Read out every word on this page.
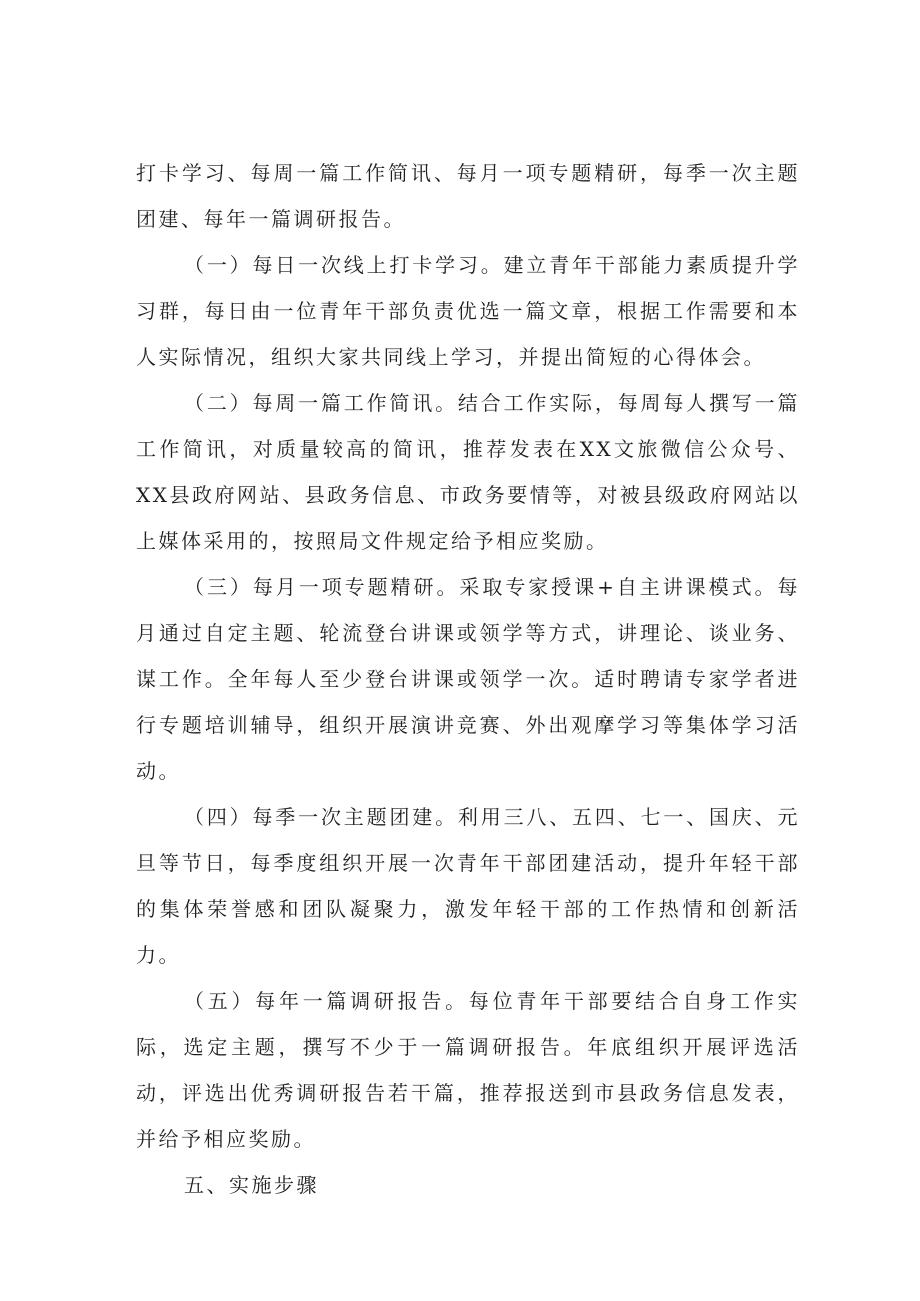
打卡学习、每周一篇工作简讯、每月一项专题精研，每季一次主题团建、每年一篇调研报告。

（一）每日一次线上打卡学习。建立青年干部能力素质提升学习群，每日由一位青年干部负责优选一篇文章，根据工作需要和本人实际情况，组织大家共同线上学习，并提出简短的心得体会。

（二）每周一篇工作简讯。结合工作实际，每周每人撰写一篇工作简讯，对质量较高的简讯，推荐发表在XX文旅微信公众号、XX县政府网站、县政务信息、市政务要情等，对被县级政府网站以上媒体采用的，按照局文件规定给予相应奖励。

（三）每月一项专题精研。采取专家授课+自主讲课模式。每月通过自定主题、轮流登台讲课或领学等方式，讲理论、谈业务、谋工作。全年每人至少登台讲课或领学一次。适时聘请专家学者进行专题培训辅导，组织开展演讲竞赛、外出观摩学习等集体学习活动。

（四）每季一次主题团建。利用三八、五四、七一、国庆、元旦等节日，每季度组织开展一次青年干部团建活动，提升年轻干部的集体荣誉感和团队凝聚力，激发年轻干部的工作热情和创新活力。

（五）每年一篇调研报告。每位青年干部要结合自身工作实际，选定主题，撰写不少于一篇调研报告。年底组织开展评选活动，评选出优秀调研报告若干篇，推荐报送到市县政务信息发表，并给予相应奖励。

五、实施步骤
